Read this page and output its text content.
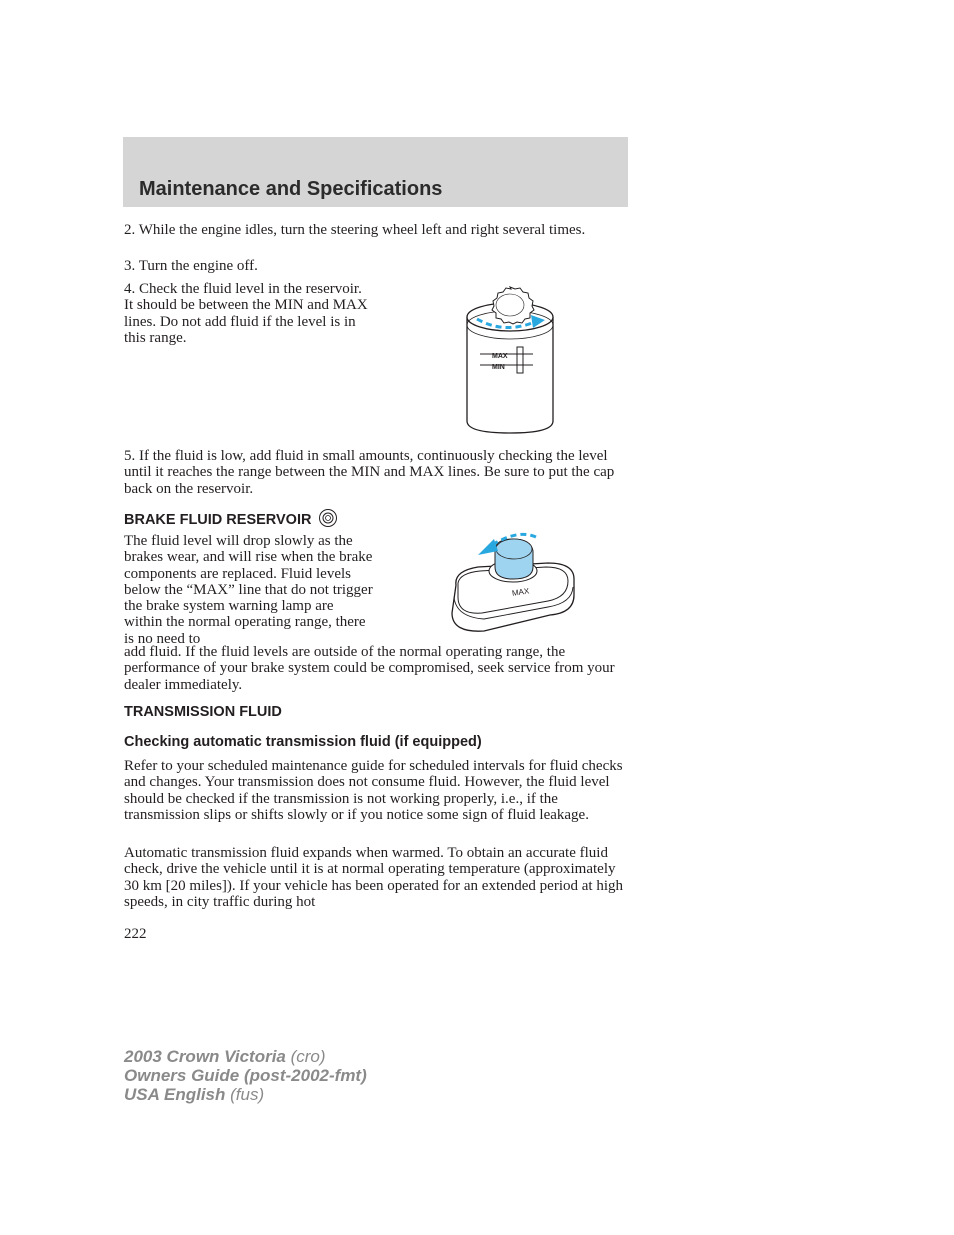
Maintenance and Specifications

2. While the engine idles, turn the steering wheel left and right several times.

3. Turn the engine off.

4. Check the fluid level in the reservoir. It should be between the MIN and MAX lines. Do not add fluid if the level is in this range.

MAX
MIN

5. If the fluid is low, add fluid in small amounts, continuously checking the level until it reaches the range between the MIN and MAX lines. Be sure to put the cap back on the reservoir.

BRAKE FLUID RESERVOIR

The fluid level will drop slowly as the brakes wear, and will rise when the brake components are replaced. Fluid levels below the “MAX” line that do not trigger the brake system warning lamp are within the normal operating range, there is no need to

add fluid. If the fluid levels are outside of the normal operating range, the performance of your brake system could be compromised, seek service from your dealer immediately.

MAX
TRANSMISSION FLUID
Checking automatic transmission fluid (if equipped)

Refer to your scheduled maintenance guide for scheduled intervals for fluid checks and changes. Your transmission does not consume fluid. However, the fluid level should be checked if the transmission is not working properly, i.e., if the transmission slips or shifts slowly or if you notice some sign of fluid leakage.

Automatic transmission fluid expands when warmed. To obtain an accurate fluid check, drive the vehicle until it is at normal operating temperature (approximately 30 km [20 miles]). If your vehicle has been operated for an extended period at high speeds, in city traffic during hot

222

2003 Crown Victoria (cro)
Owners Guide (post-2002-fmt)
USA English (fus)
